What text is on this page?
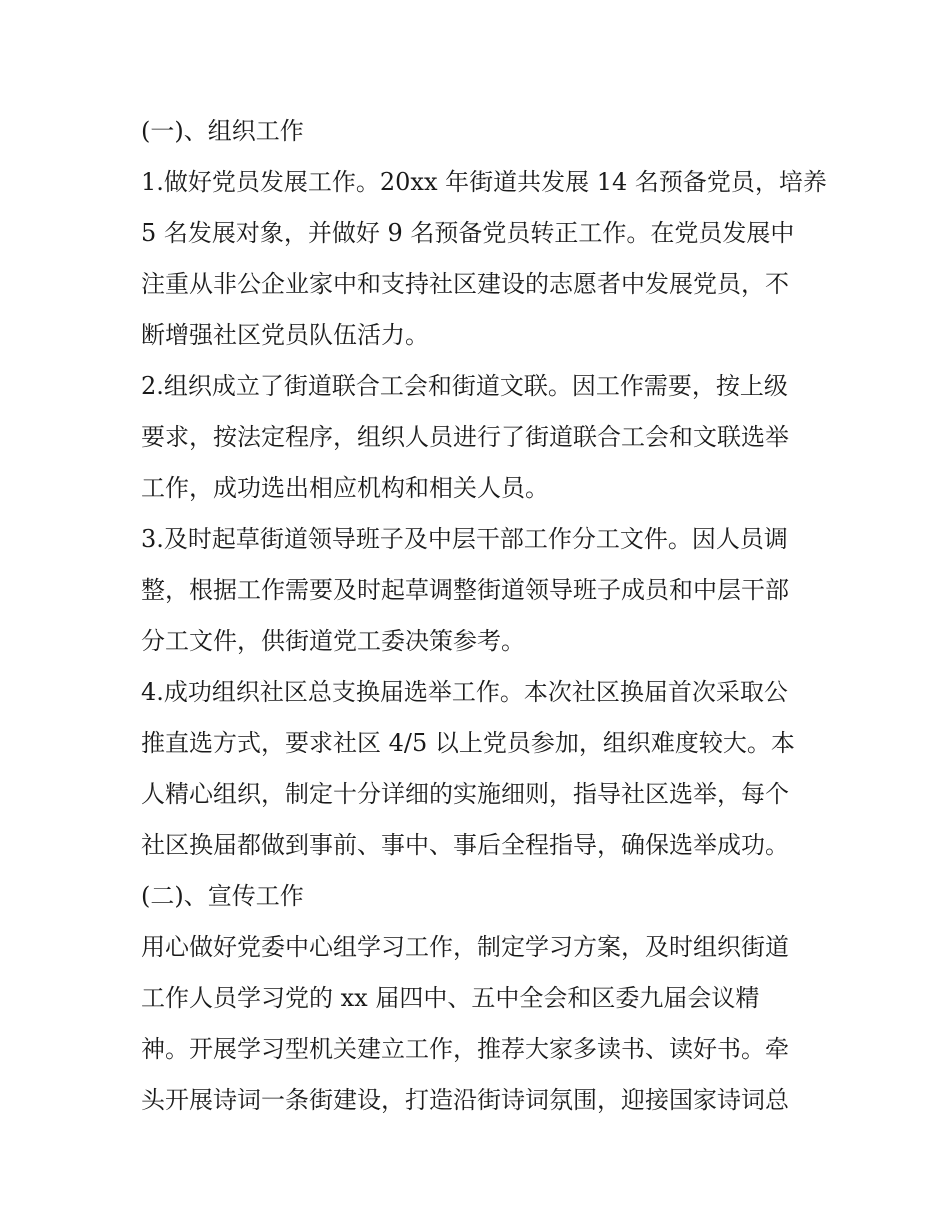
(一)、组织工作
1.做好党员发展工作。20xx 年街道共发展 14 名预备党员，培养
5 名发展对象，并做好 9 名预备党员转正工作。在党员发展中
注重从非公企业家中和支持社区建设的志愿者中发展党员，不
断增强社区党员队伍活力。
2.组织成立了街道联合工会和街道文联。因工作需要，按上级
要求，按法定程序，组织人员进行了街道联合工会和文联选举
工作，成功选出相应机构和相关人员。
3.及时起草街道领导班子及中层干部工作分工文件。因人员调
整，根据工作需要及时起草调整街道领导班子成员和中层干部
分工文件，供街道党工委决策参考。
4.成功组织社区总支换届选举工作。本次社区换届首次采取公
推直选方式，要求社区 4/5 以上党员参加，组织难度较大。本
人精心组织，制定十分详细的实施细则，指导社区选举，每个
社区换届都做到事前、事中、事后全程指导，确保选举成功。
(二)、宣传工作
用心做好党委中心组学习工作，制定学习方案，及时组织街道
工作人员学习党的 xx 届四中、五中全会和区委九届会议精
神。开展学习型机关建立工作，推荐大家多读书、读好书。牵
头开展诗词一条街建设，打造沿街诗词氛围，迎接国家诗词总
